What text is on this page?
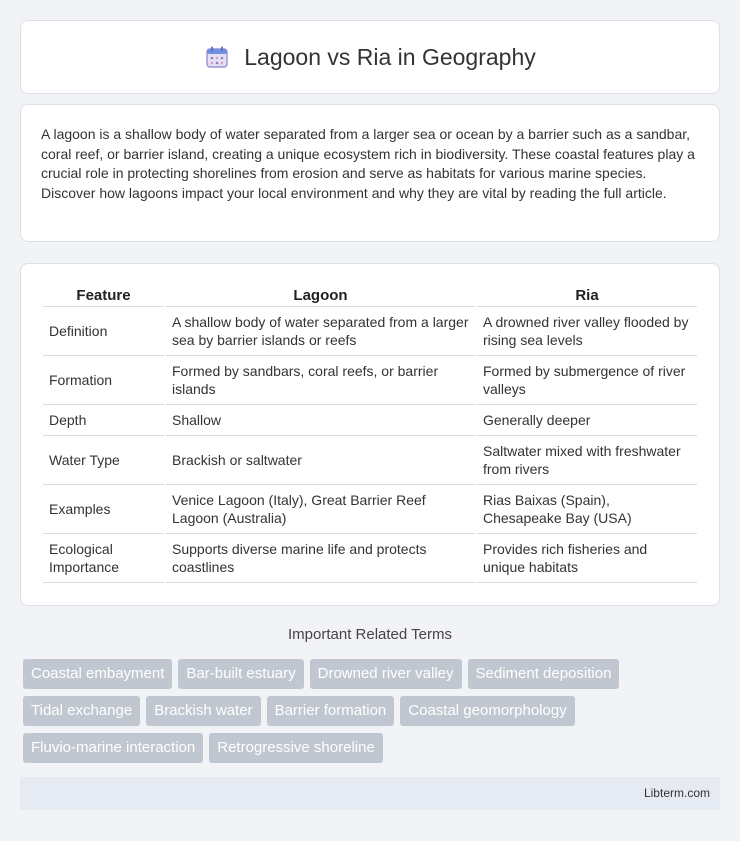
Lagoon vs Ria in Geography

A lagoon is a shallow body of water separated from a larger sea or ocean by a barrier such as a sandbar, coral reef, or barrier island, creating a unique ecosystem rich in biodiversity. These coastal features play a crucial role in protecting shorelines from erosion and serve as habitats for various marine species. Discover how lagoons impact your local environment and why they are vital by reading the full article.

Feature	Lagoon	Ria
Definition	A shallow body of water separated from a larger sea by barrier islands or reefs	A drowned river valley flooded by rising sea levels
Formation	Formed by sandbars, coral reefs, or barrier islands	Formed by submergence of river valleys
Depth	Shallow	Generally deeper
Water Type	Brackish or saltwater	Saltwater mixed with freshwater from rivers
Examples	Venice Lagoon (Italy), Great Barrier Reef Lagoon (Australia)	Rias Baixas (Spain), Chesapeake Bay (USA)
Ecological Importance	Supports diverse marine life and protects coastlines	Provides rich fisheries and unique habitats
Important Related Terms
Coastal embayment	Bar-built estuary	Drowned river valley	Sediment deposition
Tidal exchange	Brackish water	Barrier formation	Coastal geomorphology
Fluvio-marine interaction	Retrogressive shoreline
Libterm.com
